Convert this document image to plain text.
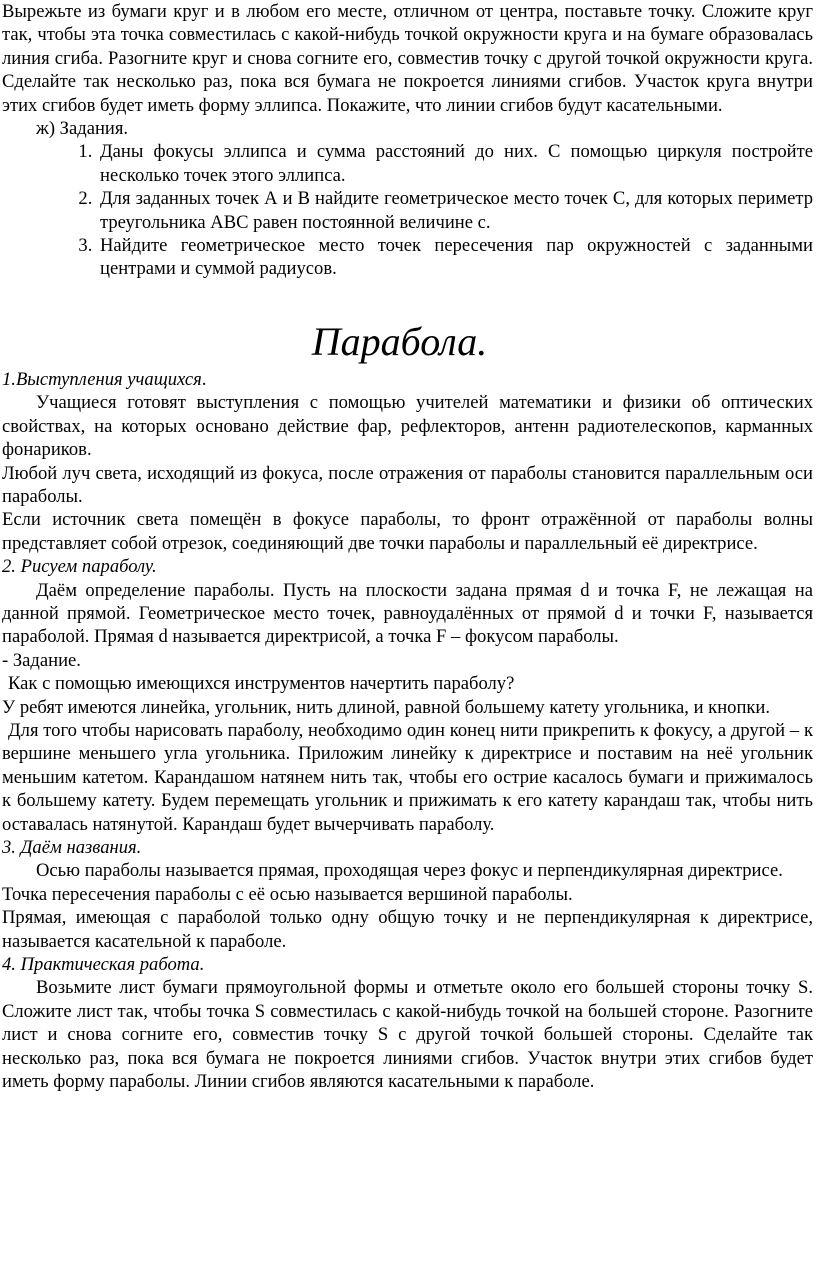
Вырежьте из бумаги круг и в любом его месте, отличном от центра, поставьте точку. Сложите круг так, чтобы эта точка совместилась с какой-нибудь точкой окружности круга и на бумаге образовалась линия сгиба. Разогните круг и снова согните его, совместив точку с другой точкой окружности круга. Сделайте так несколько раз, пока вся бумага не покроется линиями сгибов. Участок круга внутри этих сгибов будет иметь форму эллипса. Покажите, что линии сгибов будут касательными.

ж) Задания.

1. Даны фокусы эллипса и сумма расстояний до них. С помощью циркуля постройте несколько точек этого эллипса.
2. Для заданных точек А и В найдите геометрическое место точек С, для которых периметр треугольника АВС равен постоянной величине с.
3. Найдите геометрическое место точек пересечения пар окружностей с заданными центрами и суммой радиусов.
Парабола.

1.Выступления учащихся.

Учащиеся готовят выступления с помощью учителей математики и физики об оптических свойствах, на которых основано действие фар, рефлекторов, антенн радиотелескопов, карманных фонариков.

Любой луч света, исходящий из фокуса, после отражения от параболы становится параллельным оси параболы.

Если источник света помещён в фокусе параболы, то фронт отражённой от параболы волны представляет собой отрезок, соединяющий две точки параболы и параллельный её директрисе.

2. Рисуем параболу.

Даём определение параболы. Пусть на плоскости задана прямая d и точка F, не лежащая на данной прямой. Геометрическое место точек, равноудалённых от прямой d и точки F, называется параболой. Прямая d называется директрисой, а точка F – фокусом параболы.

- Задание.

Как с помощью имеющихся инструментов начертить параболу?

У ребят имеются линейка, угольник, нить длиной, равной большему катету угольника, и кнопки.

Для того чтобы нарисовать параболу, необходимо один конец нити прикрепить к фокусу, а другой – к вершине меньшего угла угольника. Приложим линейку к директрисе и поставим на неё угольник меньшим катетом. Карандашом натянем нить так, чтобы его острие касалось бумаги и прижималось к большему катету. Будем перемещать угольник и прижимать к его катету карандаш так, чтобы нить оставалась натянутой. Карандаш будет вычерчивать параболу.

3. Даём названия.

Осью параболы называется прямая, проходящая через фокус и перпендикулярная директрисе.

Точка пересечения параболы с её осью называется вершиной параболы.

Прямая, имеющая с параболой только одну общую точку и не перпендикулярная к директрисе, называется касательной к параболе.

4. Практическая работа.

Возьмите лист бумаги прямоугольной формы и отметьте около его большей стороны точку S. Сложите лист так, чтобы точка S совместилась с какой-нибудь точкой на большей стороне. Разогните лист и снова согните его, совместив точку S с другой точкой большей стороны. Сделайте так несколько раз, пока вся бумага не покроется линиями сгибов. Участок внутри этих сгибов будет иметь форму параболы. Линии сгибов являются касательными к параболе.
